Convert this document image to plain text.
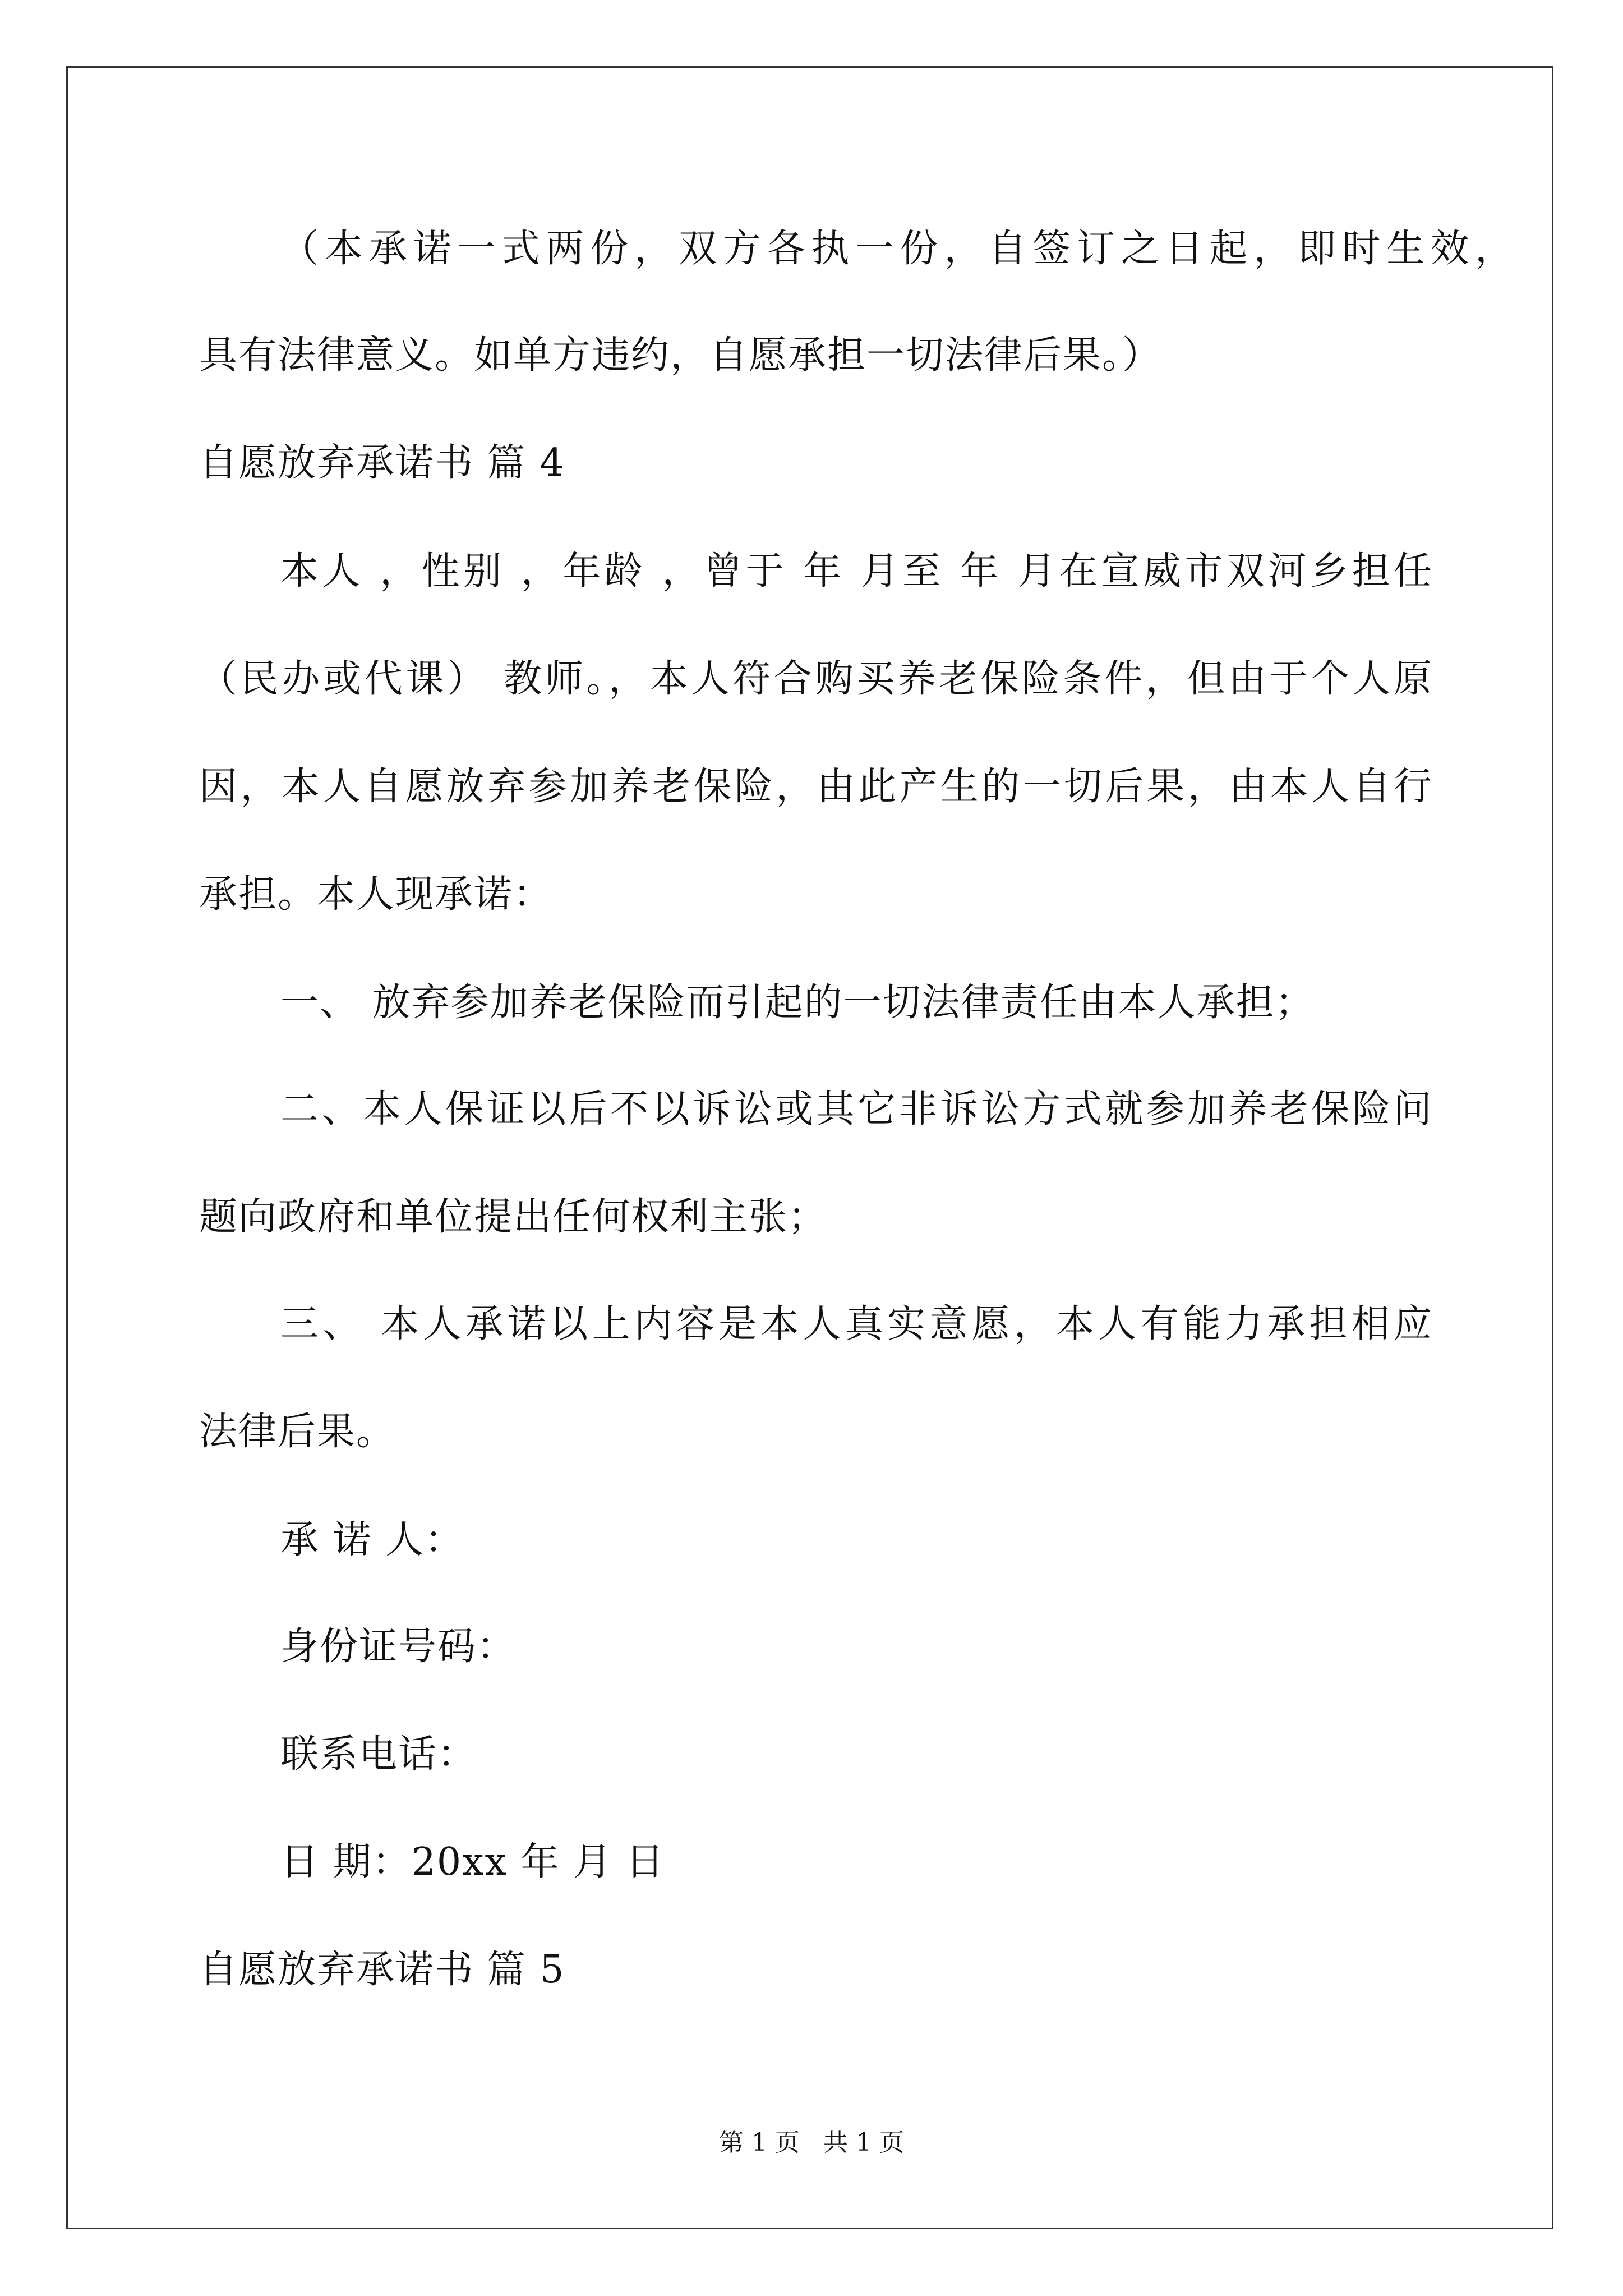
（本承诺一式两份，双方各执一份，自签订之日起，即时生效，
具有法律意义。如单方违约，自愿承担一切法律后果。）
自愿放弃承诺书 篇 4
本人 ，性别 ，年龄 ，曾于 年 月至 年 月在宣威市双河乡担任
（民办或代课） 教师。，本人符合购买养老保险条件，但由于个人原
因，本人自愿放弃参加养老保险，由此产生的一切后果，由本人自行
承担。本人现承诺：
一、 放弃参加养老保险而引起的一切法律责任由本人承担；
二、本人保证以后不以诉讼或其它非诉讼方式就参加养老保险问
题向政府和单位提出任何权利主张；
三、 本人承诺以上内容是本人真实意愿，本人有能力承担相应
法律后果。
承 诺 人：
身份证号码：
联系电话：
日 期：20xx 年 月 日
自愿放弃承诺书 篇 5
第 1 页   共 1 页
